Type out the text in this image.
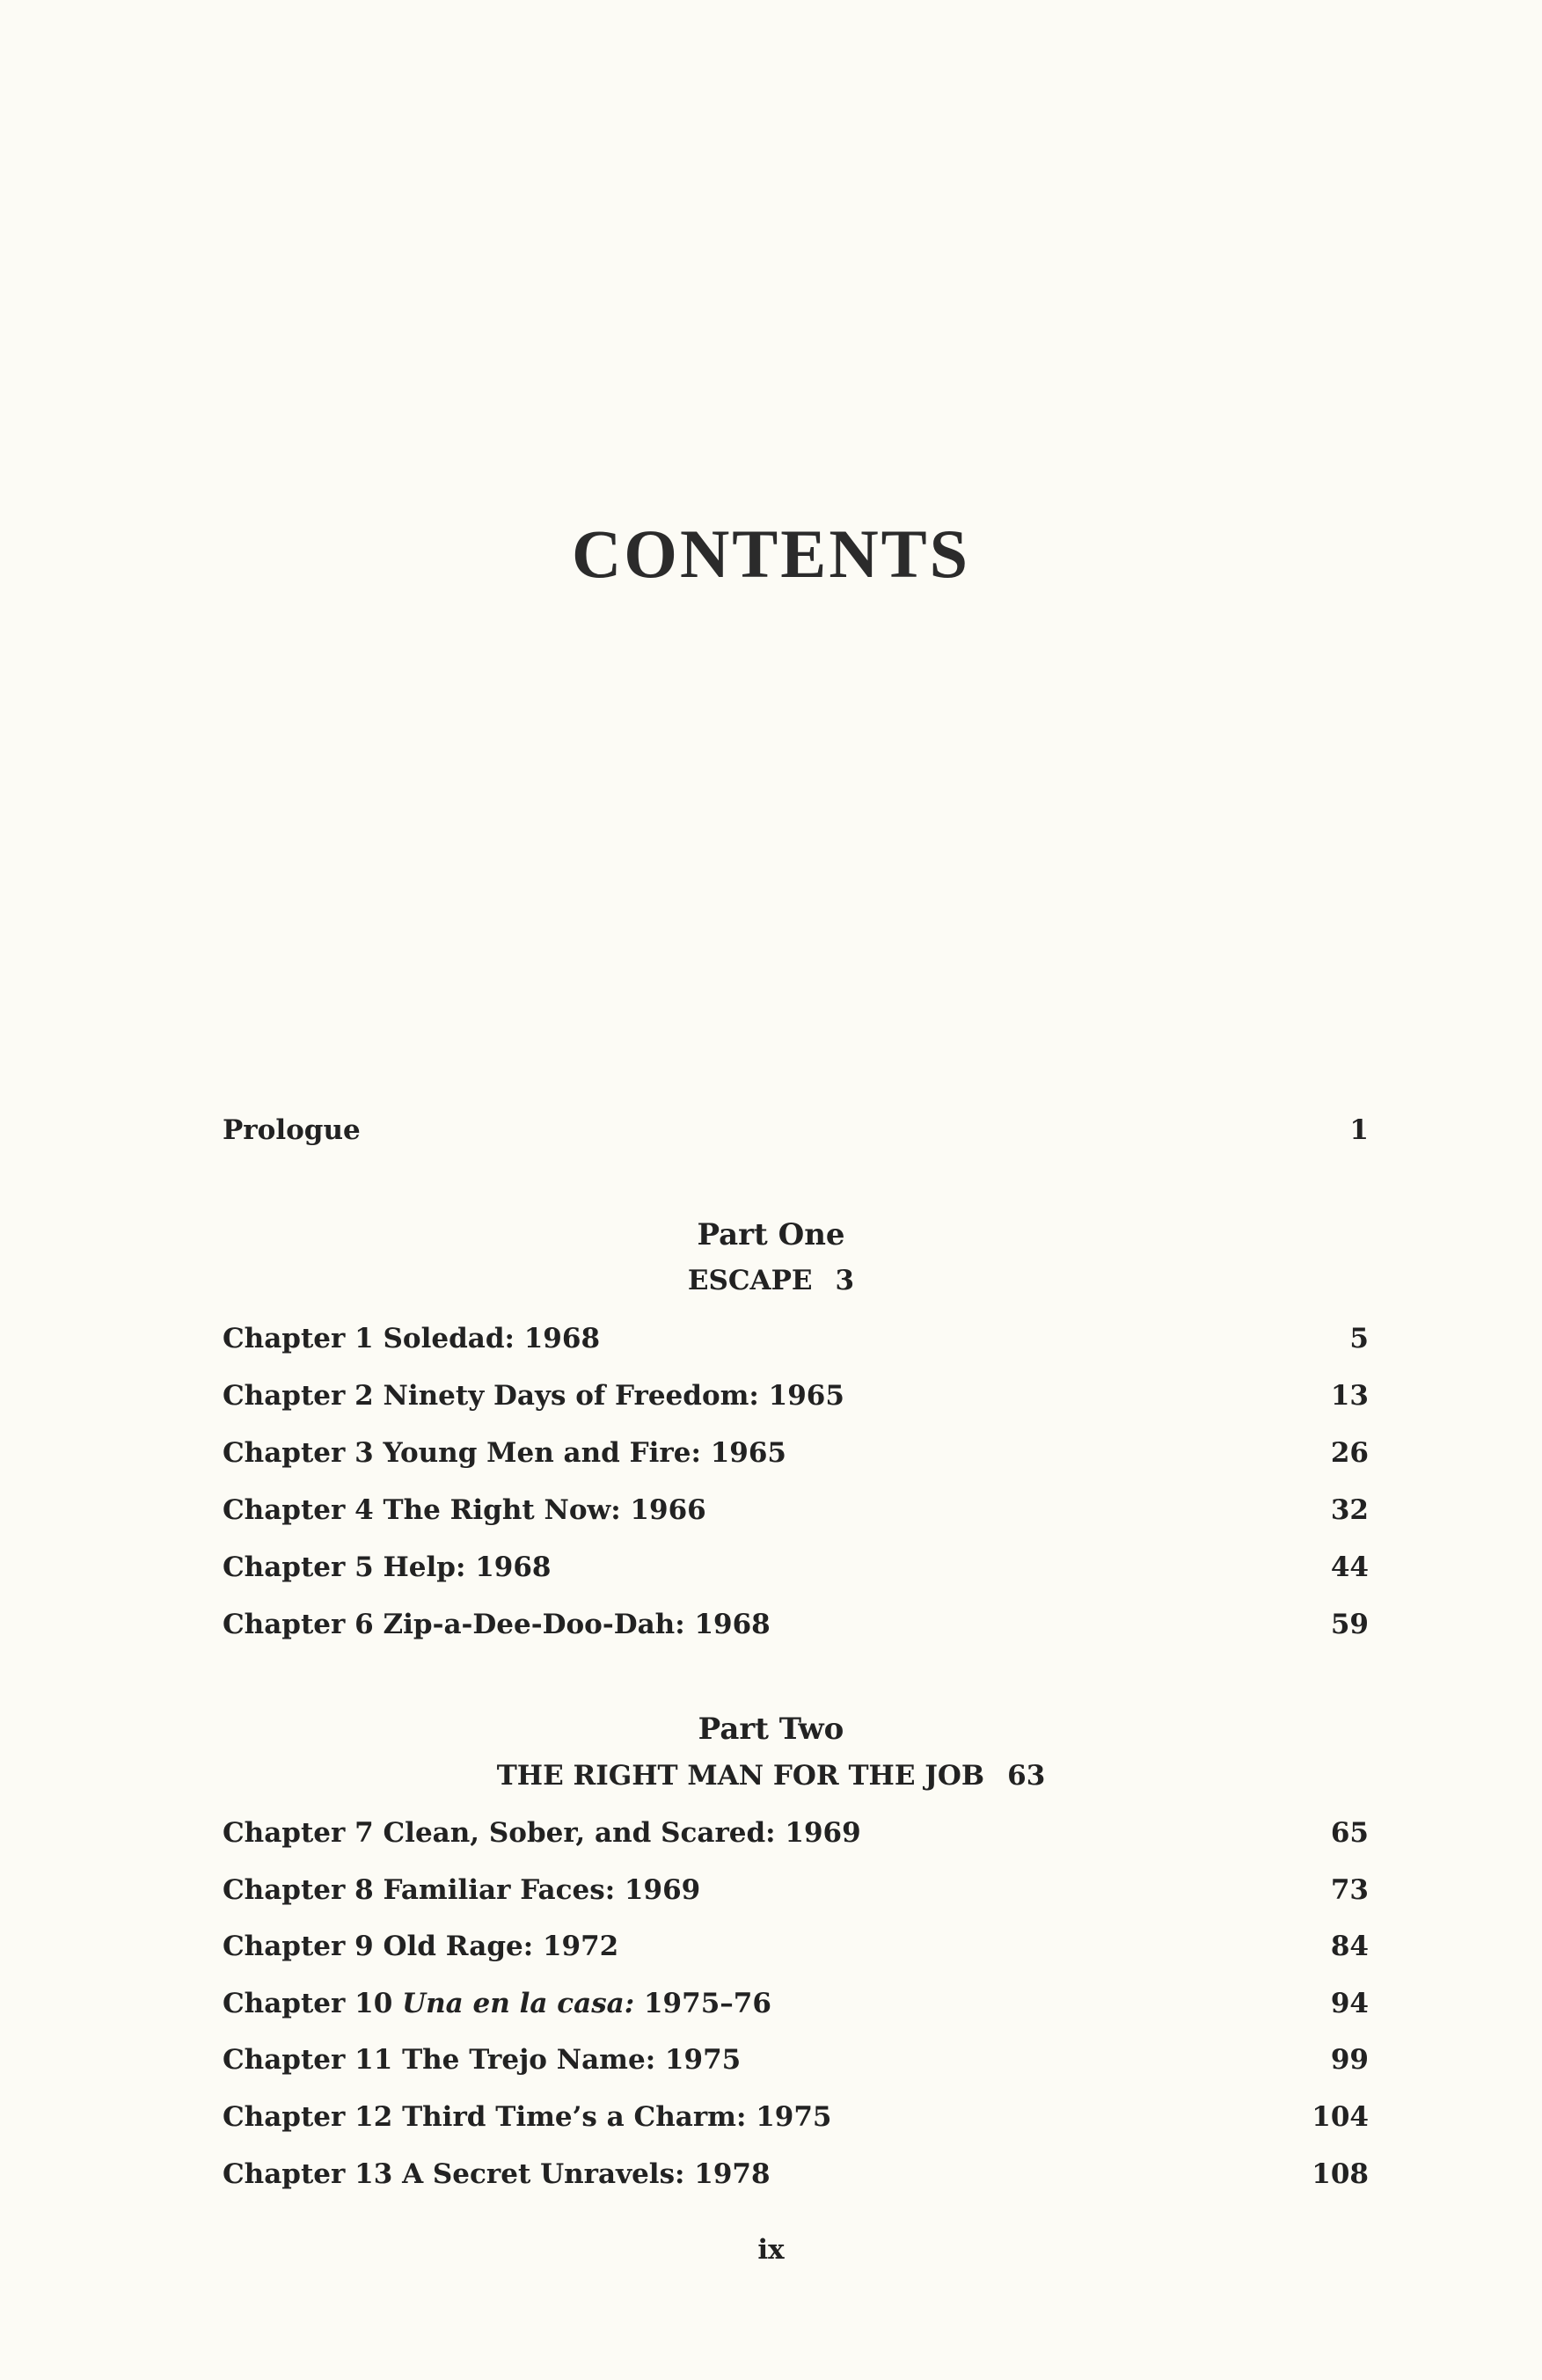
CONTENTS
Prologue	1
Part One
ESCAPE 3
Chapter 1 Soledad: 1968	5
Chapter 2 Ninety Days of Freedom: 1965	13
Chapter 3 Young Men and Fire: 1965	26
Chapter 4 The Right Now: 1966	32
Chapter 5 Help: 1968	44
Chapter 6 Zip-a-Dee-Doo-Dah: 1968	59
Part Two
THE RIGHT MAN FOR THE JOB 63
Chapter 7 Clean, Sober, and Scared: 1969	65
Chapter 8 Familiar Faces: 1969	73
Chapter 9 Old Rage: 1972	84
Chapter 10 Una en la casa: 1975–76	94
Chapter 11 The Trejo Name: 1975	99
Chapter 12 Third Time’s a Charm: 1975	104
Chapter 13 A Secret Unravels: 1978	108
ix
